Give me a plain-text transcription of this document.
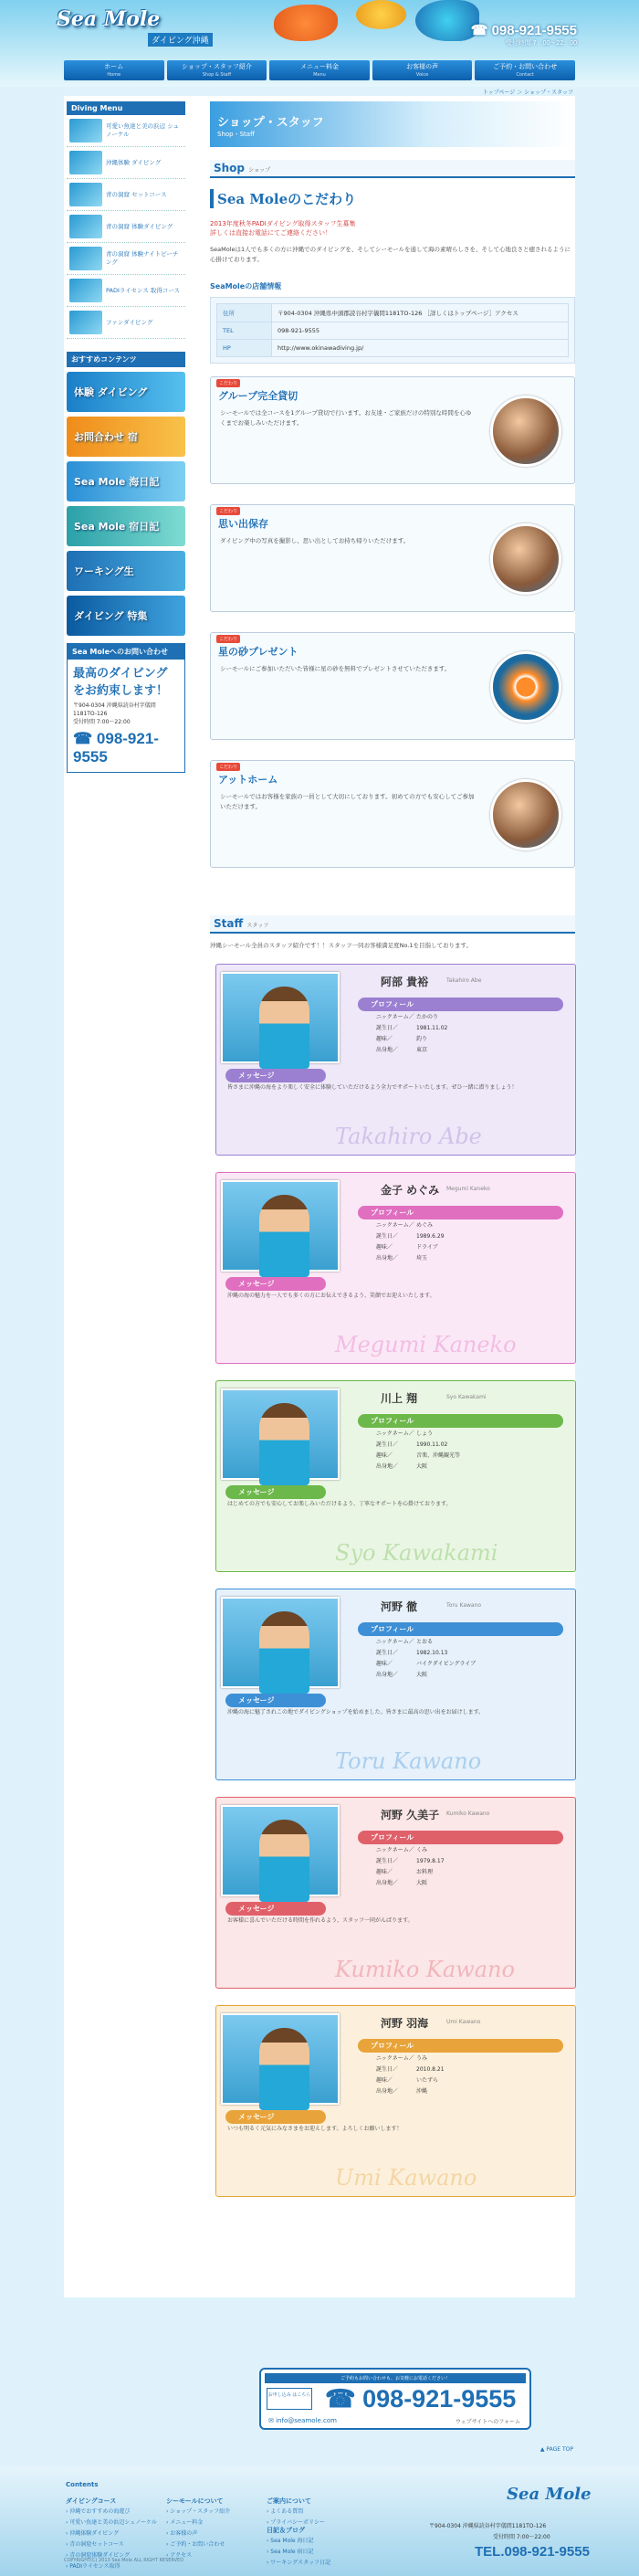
Sea Mole
ダイビング沖縄
☎ 098-921-9555
受付時間 7：00～22：00
ホーム
Home
ショップ・スタッフ紹介
Shop & Staff
メニュー料金
Menu
お客様の声
Voice
ご予約・お問い合わせ
Contact
トップページ ＞ ショップ・スタッフ
Diving Menu
可愛い魚達と美の浜辺 シュノーケル
沖縄体験 ダイビング
青の洞窟 セットコース
青の洞窟 体験ダイビング
青の洞窟 体験ナイトビーチング
PADIライセンス 取得コース
ファンダイビング
おすすめコンテンツ
体験 ダイビング
お問合わせ 宿
Sea Mole 海日記
Sea Mole 宿日記
ワーキング生
ダイビング 特集
Sea Moleへのお問い合わせ
最高のダイビングをお約束します！
〒904-0304 沖縄県読谷村字儀間1181TO-126
受付時間 7:00～22:00
☎ 098-921-9555
ショップ・スタッフ
Shop・Staff
Shop ショップ
Sea Moleのこだわり
2013年度秋冬PADIダイビング取得スタッフ生募集
詳しくは直接お電話にてご連絡ください！
SeaMoleは1人でも多くの方に沖縄でのダイビングを、そしてシーモールを通して海の素晴らしさを、そして心地良さと癒されるように心掛けております。
SeaMoleの店舗情報
住所	〒904-0304 沖縄県中頭郡読谷村字儀間1181TO-126 ［詳しくはトップページ］アクセス
TEL	098-921-9555
HP	http://www.okinawadiving.jp/
こだわり
グループ完全貸切
シーモールでは全コースを1グループ貸切で行います。お友達・ご家族だけの特別な時間を心ゆくまでお楽しみいただけます。
こだわり
思い出保存
ダイビング中の写真を撮影し、思い出としてお持ち帰りいただけます。
こだわり
星の砂プレゼント
シーモールにご参加いただいた皆様に星の砂を無料でプレゼントさせていただきます。
こだわり
アットホーム
シーモールではお客様を家族の一員として大切にしております。初めての方でも安心してご参加いただけます。
Staff スタッフ
沖縄シーモール全員のスタッフ紹介です！！スタッフ一同お客様満足度No.1を目指しております。
阿部 貴裕	Takahiro Abe
プロフィール
ニックネーム／ たかのり
誕生日／	1981.11.02
趣味／	釣り
出身地／	東京
メッセージ
皆さまに沖縄の海をより楽しく安全に体験していただけるよう全力でサポートいたします。ぜひ一緒に潜りましょう！
Takahiro Abe
金子 めぐみ Megumi Kaneko
プロフィール
ニックネーム／ めぐみ
誕生日／	1989.6.29
趣味／	ドライブ
出身地／	埼玉
メッセージ
沖縄の海の魅力を一人でも多くの方にお伝えできるよう、笑顔でお迎えいたします。
Megumi Kaneko
川上 翔	Syo Kawakami
プロフィール
ニックネーム／ しょう
誕生日／	1990.11.02
趣味／	音楽、沖縄観光等
出身地／	大阪
メッセージ
はじめての方でも安心してお楽しみいただけるよう、丁寧なサポートを心掛けております。
Syo Kawakami
河野 徹	Toru Kawano
プロフィール
ニックネーム／ とおる
誕生日／	1982.10.13
趣味／	バイクダイビングライブ
出身地／	大阪
メッセージ
沖縄の海に魅了されこの地でダイビングショップを始めました。皆さまに最高の思い出をお届けします。
Toru Kawano
河野 久美子 Kumiko Kawano
プロフィール
ニックネーム／ くみ
誕生日／	1979.8.17
趣味／	お料理
出身地／	大阪
メッセージ
お客様に喜んでいただける時間を作れるよう、スタッフ一同がんばります。
Kumiko Kawano
河野 羽海	Umi Kawano
プロフィール
ニックネーム／ うみ
誕生日／	2010.8.21
趣味／	いたずら
出身地／	沖縄
メッセージ
いつも明るく元気にみなさまをお迎えします。よろしくお願いします！
Umi Kawano
ご予約もお問い合わせも、お気軽にお電話ください！
お申し込み はこちら ☎ 098-921-9555
✉ info@seamole.com	ウェブサイトへのフォーム
▲ PAGE TOP
Contents
ダイビングコース
› 沖縄でおすすめの海遊び
› 可愛い魚達と美の浜辺シュノーケル
› 沖縄体験ダイビング
› 青の洞窟セットコース
› 青の洞窟体験ダイビング
› PADIライセンス取得
シーモールについて
› ショップ・スタッフ紹介
› メニュー料金
› お客様の声
› ご予約・お問い合わせ
› アクセス
ご案内について
› よくある質問
› プライバシーポリシー
日記＆ブログ
› Sea Mole 海日記
› Sea Mole 宿日記
› ワーキングスタッフ日記
Sea Mole
〒904-0304 沖縄県読谷村字儀間1181TO-126
受付時間 7:00～22:00
TEL.098-921-9555
COPYRIGHT(C) 2013 Sea Mole ALL RIGHT RESERVED
